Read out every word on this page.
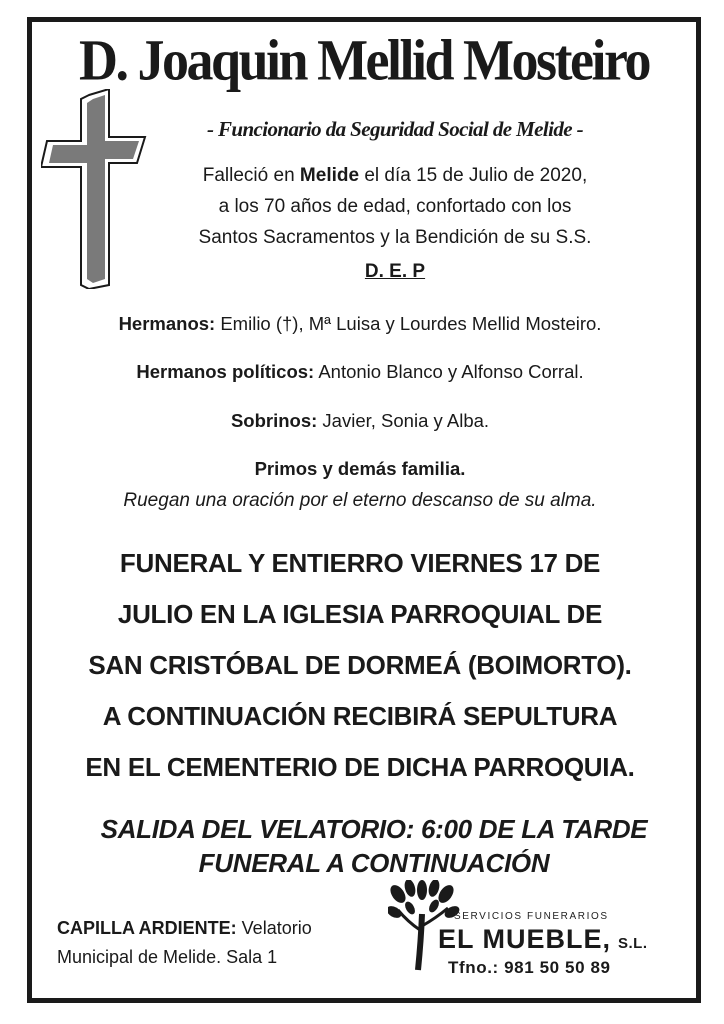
D. Joaquin Mellid Mosteiro
- Funcionario da Seguridad Social de Melide -
Falleció en Melide el día 15 de Julio de 2020,
a los 70 años de edad, confortado con los
Santos Sacramentos y la Bendición de su S.S.
D. E. P
Hermanos: Emilio (†), Mª Luisa y Lourdes Mellid Mosteiro.
Hermanos políticos: Antonio Blanco y Alfonso Corral.
Sobrinos: Javier, Sonia y Alba.
Primos y demás familia.
Ruegan una oración por el eterno descanso de su alma.
FUNERAL Y ENTIERRO VIERNES 17 DE
JULIO EN LA IGLESIA PARROQUIAL DE
SAN CRISTÓBAL DE DORMEÁ (BOIMORTO).
A CONTINUACIÓN RECIBIRÁ SEPULTURA
EN EL CEMENTERIO DE DICHA PARROQUIA.
SALIDA DEL VELATORIO: 6:00 DE LA TARDE
FUNERAL A CONTINUACIÓN
CAPILLA ARDIENTE: Velatorio
Municipal de Melide. Sala 1
SERVICIOS FUNERARIOS
EL MUEBLE, S.L.
Tfno.: 981 50 50 89
